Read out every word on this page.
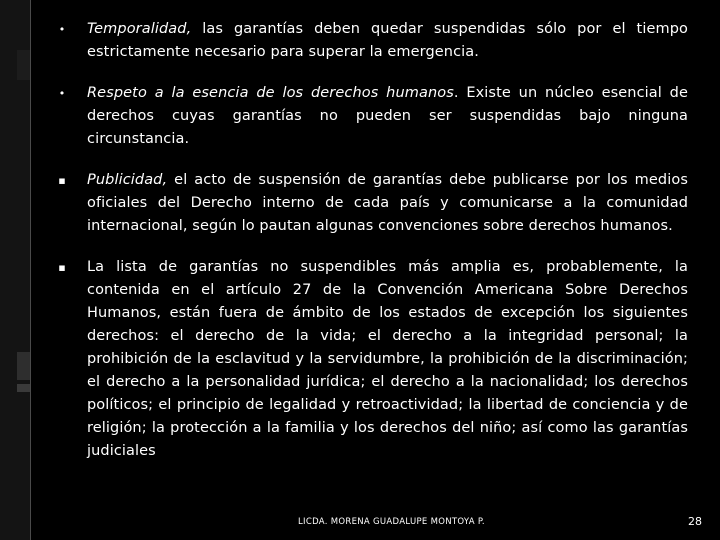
• Temporalidad, las garantías deben quedar suspendidas sólo por el tiempo estrictamente necesario para superar la emergencia.
• Respeto a la esencia de los derechos humanos. Existe un núcleo esencial de derechos cuyas garantías no pueden ser suspendidas bajo ninguna circunstancia.
▪ Publicidad, el acto de suspensión de garantías debe publicarse por los medios oficiales del Derecho interno de cada país y comunicarse a la comunidad internacional, según lo pautan algunas convenciones sobre derechos humanos.
▪ La lista de garantías no suspendibles más amplia es, probablemente, la contenida en el artículo 27 de la Convención Americana Sobre Derechos Humanos, están fuera de ámbito de los estados de excepción los siguientes derechos: el derecho de la vida; el derecho a la integridad personal; la prohibición de la esclavitud y la servidumbre, la prohibición de la discriminación; el derecho a la personalidad jurídica; el derecho a la nacionalidad; los derechos políticos; el principio de legalidad y retroactividad; la libertad de conciencia y de religión; la protección a la familia y los derechos del niño; así como las garantías judiciales
LICDA. MORENA GUADALUPE MONTOYA P.	28
